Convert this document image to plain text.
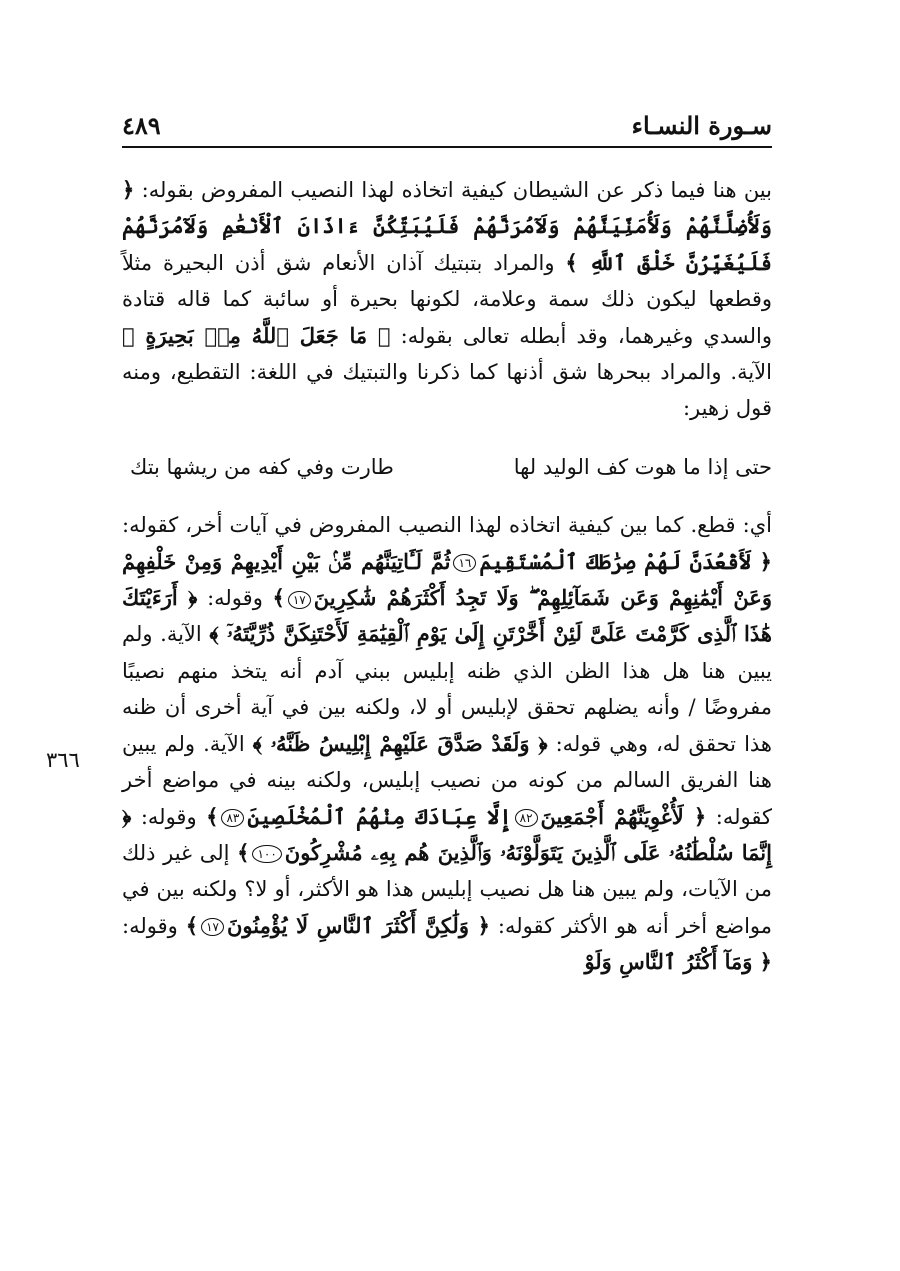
سـورة النسـاء
٤٨٩
٣٦٦

بين هنا فيما ذكر عن الشيطان كيفية اتخاذه لهذا النصيب المفروض بقوله: ﴿ وَلَأُضِلَّنَّهُمْ وَلَأُمَنِّيَنَّهُمْ وَلَآمُرَنَّهُمْ فَلَيُبَتِّكُنَّ ءَاذَانَ ٱلْأَنْعَٰمِ وَلَآمُرَنَّهُمْ فَلَيُغَيِّرُنَّ خَلْقَ ٱللَّهِ ﴾ والمراد بتبتيك آذان الأنعام شق أذن البحيرة مثلاً وقطعها ليكون ذلك سمة وعلامة، لكونها بحيرة أو سائبة كما قاله قتادة والسدي وغيرهما، وقد أبطله تعالى بقوله: ﴿ مَا جَعَلَ ٱللَّهُ مِنۢ بَحِيرَةٍ ﴾ الآية. والمراد ببحرها شق أذنها كما ذكرنا والتبتيك في اللغة: التقطيع، ومنه قول زهير:

حتى إذا ما هوت كف الوليد لها
طارت وفي كفه من ريشها بتك

أي: قطع. كما بين كيفية اتخاذه لهذا النصيب المفروض في آيات أخر، كقوله: ﴿ لَأَقْعُدَنَّ لَهُمْ صِرَٰطَكَ ٱلْمُسْتَقِيمَ١٦ثُمَّ لَـَٔاتِيَنَّهُم مِّنۢ بَيْنِ أَيْدِيهِمْ وَمِنْ خَلْفِهِمْ وَعَنْ أَيْمَٰنِهِمْ وَعَن شَمَآئِلِهِمْ ۖ وَلَا تَجِدُ أَكْثَرَهُمْ شَٰكِرِينَ١٧﴾ وقوله: ﴿ أَرَءَيْتَكَ هَٰذَا ٱلَّذِى كَرَّمْتَ عَلَىَّ لَئِنْ أَخَّرْتَنِ إِلَىٰ يَوْمِ ٱلْقِيَٰمَةِ لَأَحْتَنِكَنَّ ذُرِّيَّتَهُۥٓ ﴾ الآية. ولم يبين هنا هل هذا الظن الذي ظنه إبليس ببني آدم أنه يتخذ منهم نصيبًا مفروضًا / وأنه يضلهم تحقق لإبليس أو لا، ولكنه بين في آية أخرى أن ظنه هذا تحقق له، وهي قوله: ﴿ وَلَقَدْ صَدَّقَ عَلَيْهِمْ إِبْلِيسُ ظَنَّهُۥ ﴾ الآية. ولم يبين هنا الفريق السالم من كونه من نصيب إبليس، ولكنه بينه في مواضع أخر كقوله: ﴿ لَأُغْوِيَنَّهُمْ أَجْمَعِينَ٨٢إِلَّا عِبَادَكَ مِنْهُمُ ٱلْمُخْلَصِينَ٨٣﴾ وقوله: ﴿ إِنَّمَا سُلْطَٰنُهُۥ عَلَى ٱلَّذِينَ يَتَوَلَّوْنَهُۥ وَٱلَّذِينَ هُم بِهِۦ مُشْرِكُونَ١٠٠﴾ إلى غير ذلك من الآيات، ولم يبين هنا هل نصيب إبليس هذا هو الأكثر، أو لا؟ ولكنه بين في مواضع أخر أنه هو الأكثر كقوله: ﴿ وَلَٰكِنَّ أَكْثَرَ ٱلنَّاسِ لَا يُؤْمِنُونَ١٧﴾ وقوله: ﴿ وَمَآ أَكْثَرُ ٱلنَّاسِ وَلَوْ
